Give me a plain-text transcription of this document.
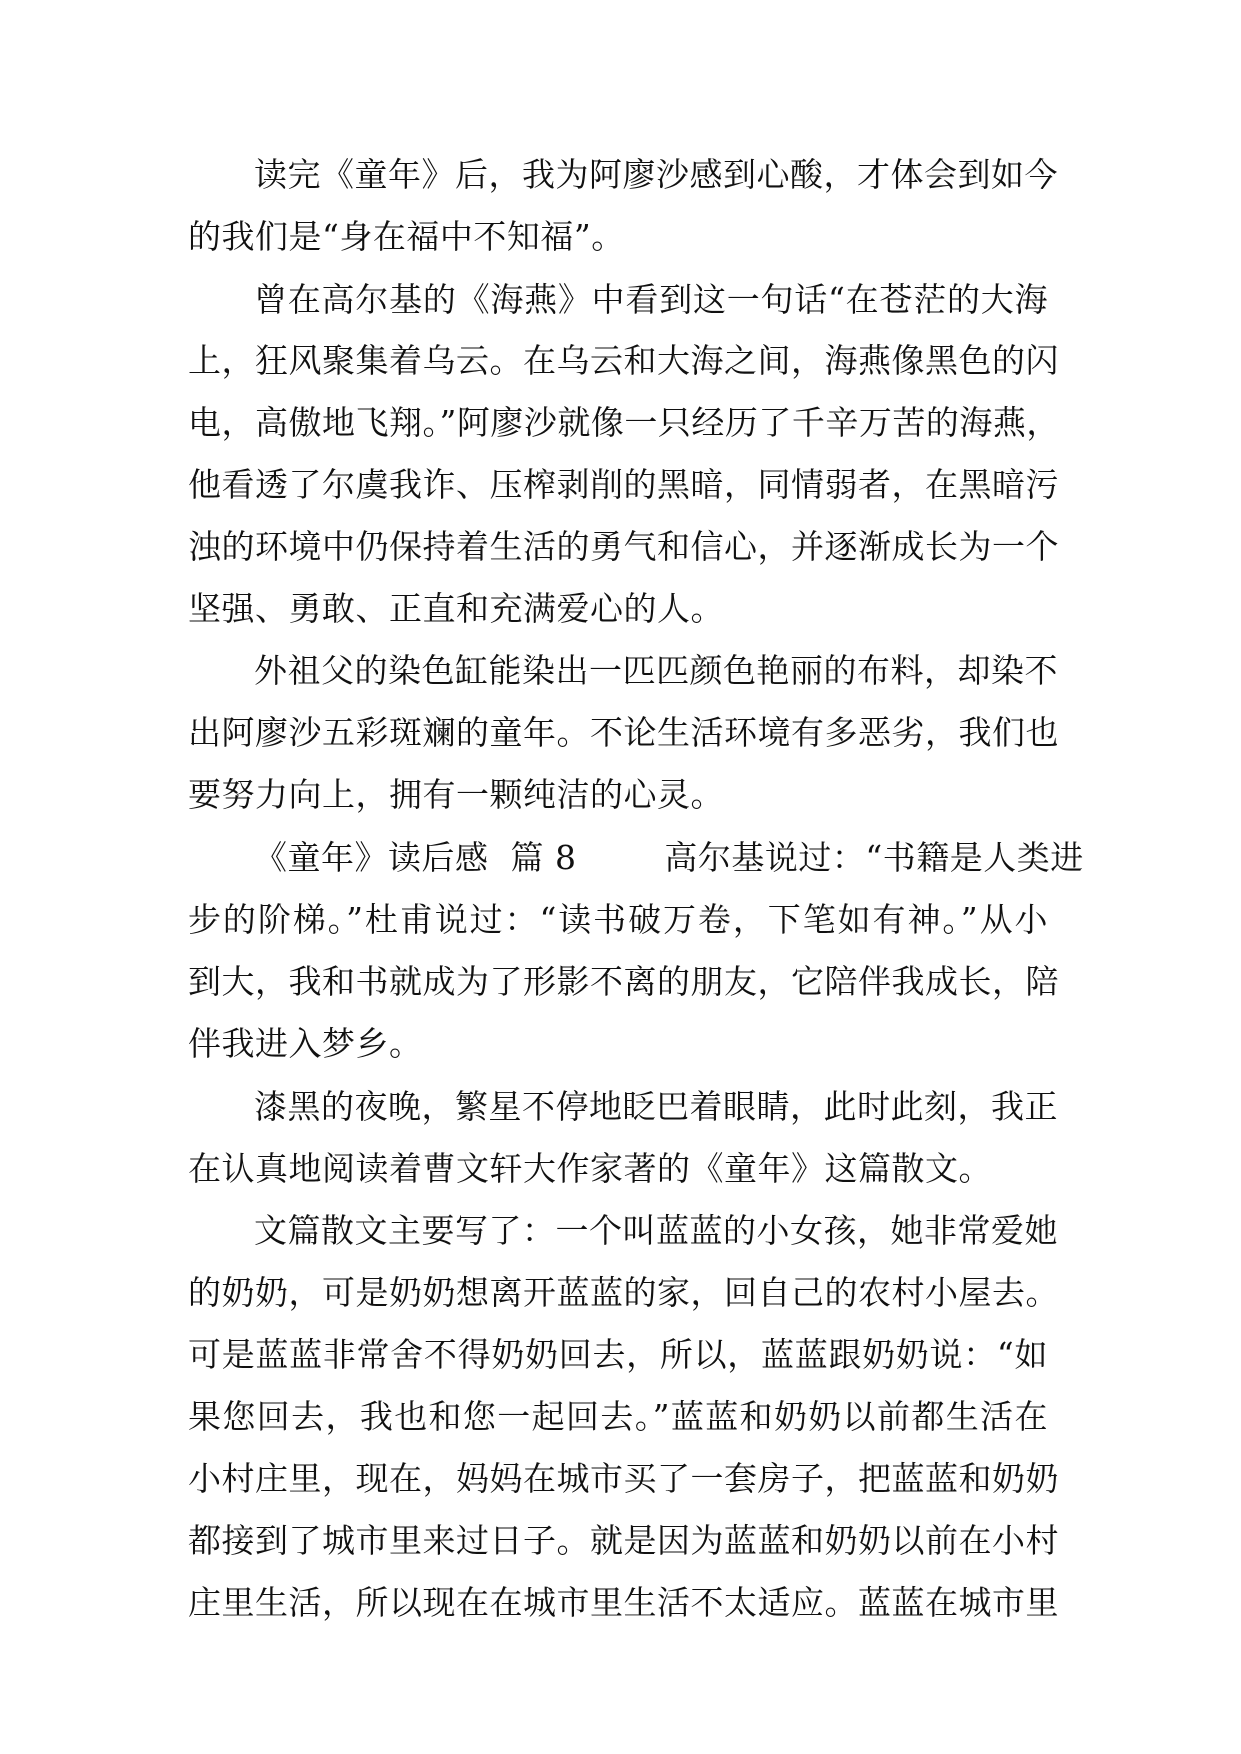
读完《童年》后，我为阿廖沙感到心酸，才体会到如今
的我们是“身在福中不知福”。
曾在高尔基的《海燕》中看到这一句话“在苍茫的大海
上，狂风聚集着乌云。在乌云和大海之间，海燕像黑色的闪
电，高傲地飞翔。”阿廖沙就像一只经历了千辛万苦的海燕，
他看透了尔虞我诈、压榨剥削的黑暗，同情弱者，在黑暗污
浊的环境中仍保持着生活的勇气和信心，并逐渐成长为一个
坚强、勇敢、正直和充满爱心的人。
外祖父的染色缸能染出一匹匹颜色艳丽的布料，却染不
出阿廖沙五彩斑斓的童年。不论生活环境有多恶劣，我们也
要努力向上，拥有一颗纯洁的心灵。
《童年》读后感  篇 8        高尔基说过：“书籍是人类进
步的阶梯。”杜甫说过：“读书破万卷，下笔如有神。”从小
到大，我和书就成为了形影不离的朋友，它陪伴我成长，陪
伴我进入梦乡。
漆黑的夜晚，繁星不停地眨巴着眼睛，此时此刻，我正
在认真地阅读着曹文轩大作家著的《童年》这篇散文。
文篇散文主要写了：一个叫蓝蓝的小女孩，她非常爱她
的奶奶，可是奶奶想离开蓝蓝的家，回自己的农村小屋去。
可是蓝蓝非常舍不得奶奶回去，所以，蓝蓝跟奶奶说：“如
果您回去，我也和您一起回去。”蓝蓝和奶奶以前都生活在
小村庄里，现在，妈妈在城市买了一套房子，把蓝蓝和奶奶
都接到了城市里来过日子。就是因为蓝蓝和奶奶以前在小村
庄里生活，所以现在在城市里生活不太适应。蓝蓝在城市里
